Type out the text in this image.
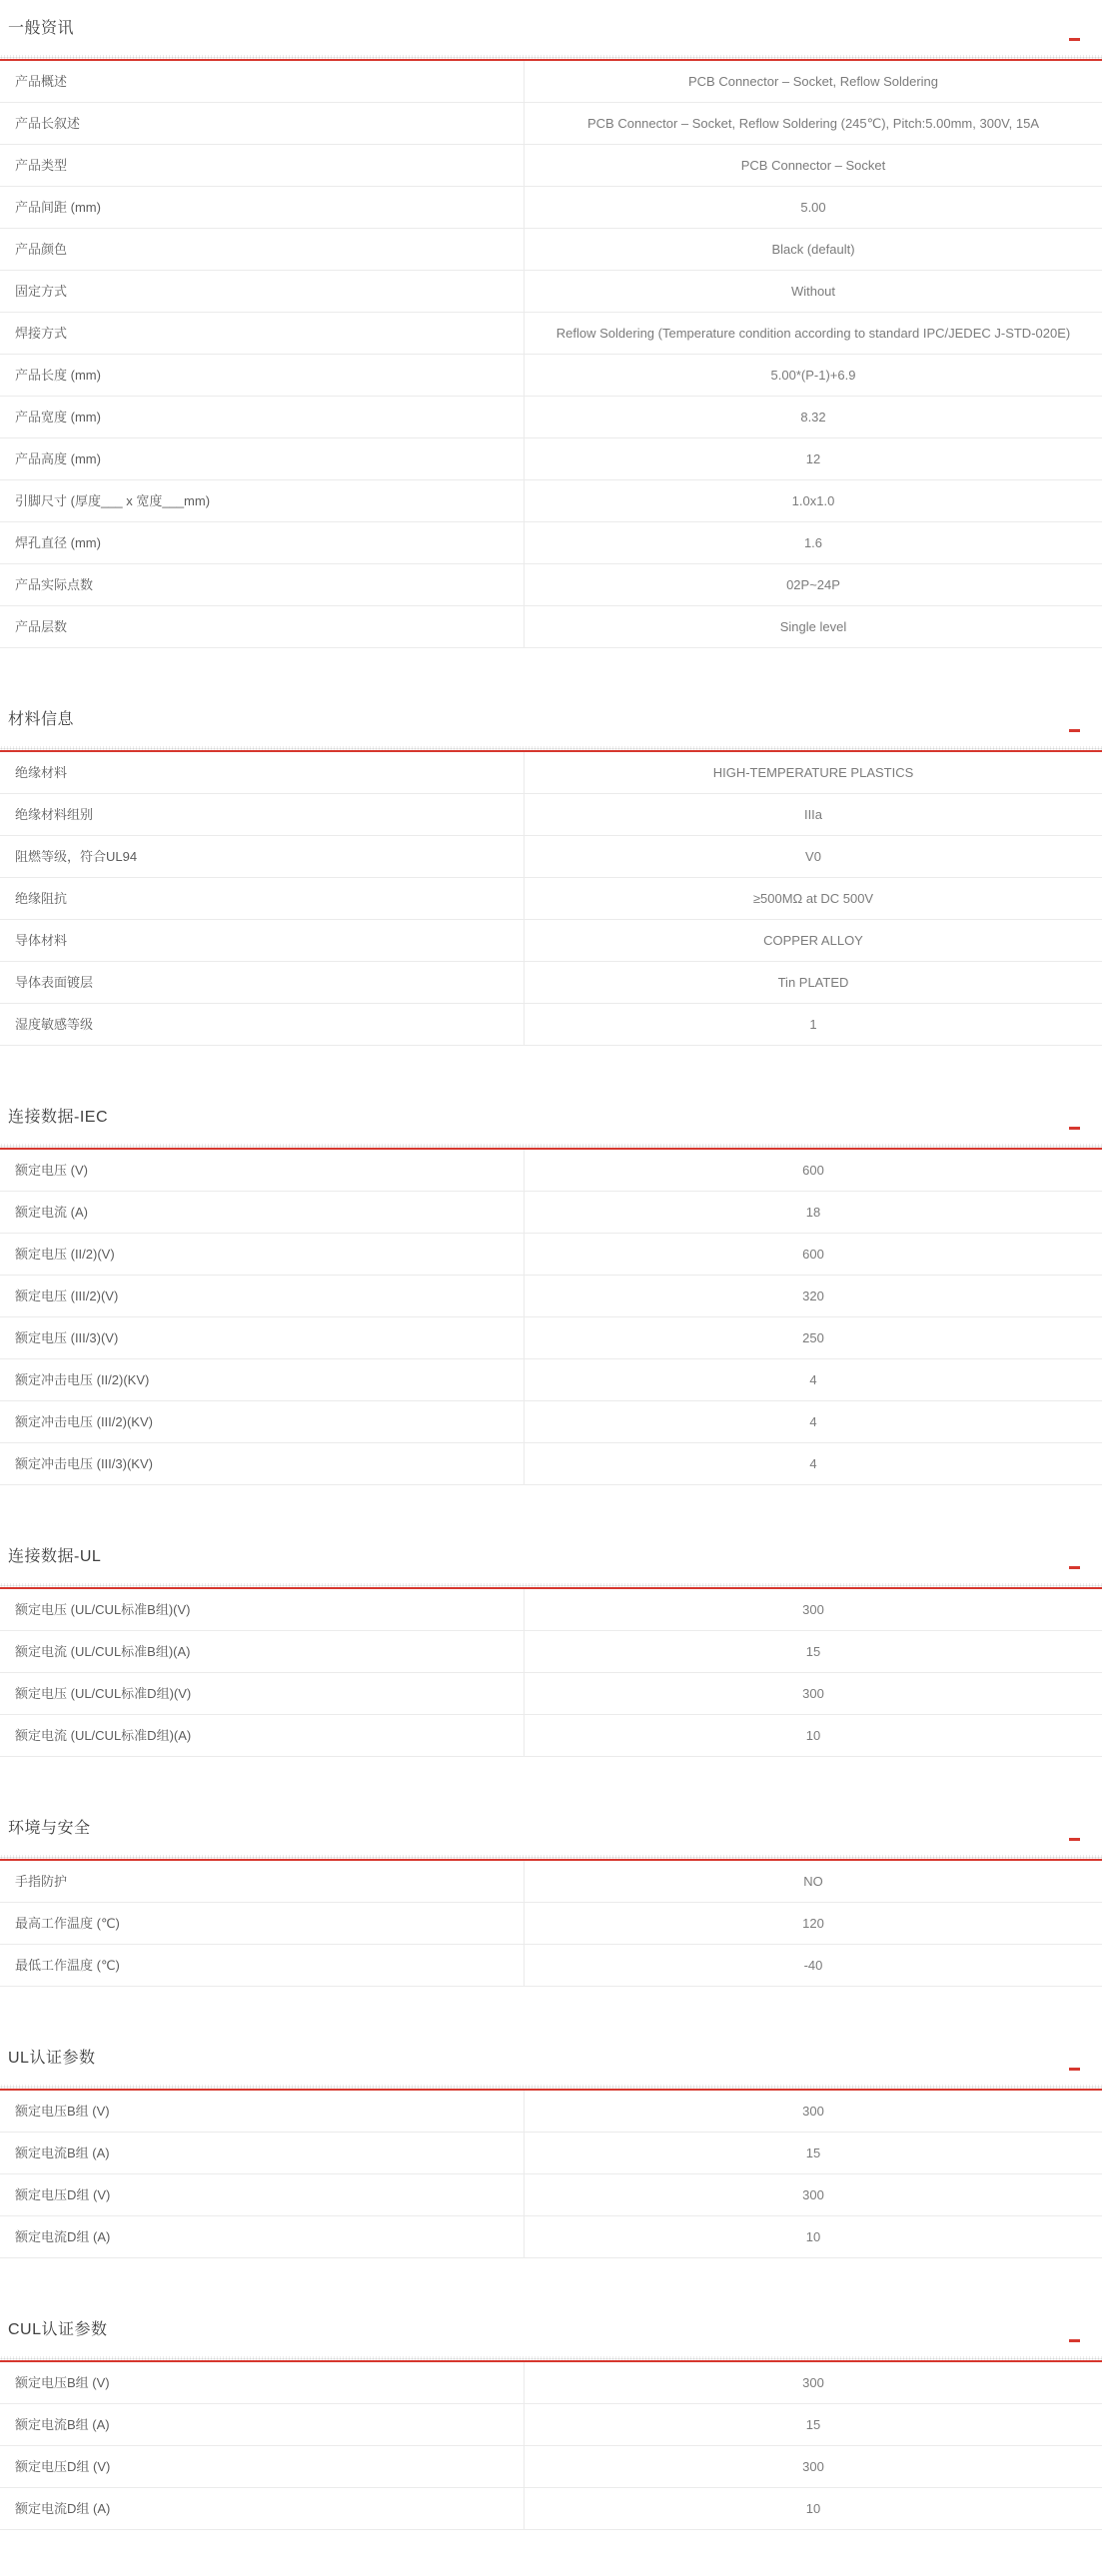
一般资讯
产品概述	PCB Connector – Socket, Reflow Soldering
产品长叙述	PCB Connector – Socket, Reflow Soldering (245℃), Pitch:5.00mm, 300V, 15A
产品类型	PCB Connector – Socket
产品间距 (mm)	5.00
产品颜色	Black (default)
固定方式	Without
焊接方式	Reflow Soldering (Temperature condition according to standard IPC/JEDEC J-STD-020E)
产品长度 (mm)	5.00*(P-1)+6.9
产品宽度 (mm)	8.32
产品高度 (mm)	12
引脚尺寸 (厚度___ x 宽度___mm)	1.0x1.0
焊孔直径 (mm)	1.6
产品实际点数	02P~24P
产品层数	Single level
材料信息
绝缘材料	HIGH-TEMPERATURE PLASTICS
绝缘材料组别	IIIa
阻燃等级，符合UL94	V0
绝缘阻抗	≥500MΩ at DC 500V
导体材料	COPPER ALLOY
导体表面镀层	Tin PLATED
湿度敏感等级	1
连接数据-IEC
额定电压 (V)	600
额定电流 (A)	18
额定电压 (II/2)(V)	600
额定电压 (III/2)(V)	320
额定电压 (III/3)(V)	250
额定冲击电压 (II/2)(KV)	4
额定冲击电压 (III/2)(KV)	4
额定冲击电压 (III/3)(KV)	4
连接数据-UL
额定电压 (UL/CUL标准B组)(V)	300
额定电流 (UL/CUL标准B组)(A)	15
额定电压 (UL/CUL标准D组)(V)	300
额定电流 (UL/CUL标准D组)(A)	10
环境与安全
手指防护	NO
最高工作温度 (℃)	120
最低工作温度 (℃)	-40
UL认证参数
额定电压B组 (V)	300
额定电流B组 (A)	15
额定电压D组 (V)	300
额定电流D组 (A)	10
CUL认证参数
额定电压B组 (V)	300
额定电流B组 (A)	15
额定电压D组 (V)	300
额定电流D组 (A)	10
